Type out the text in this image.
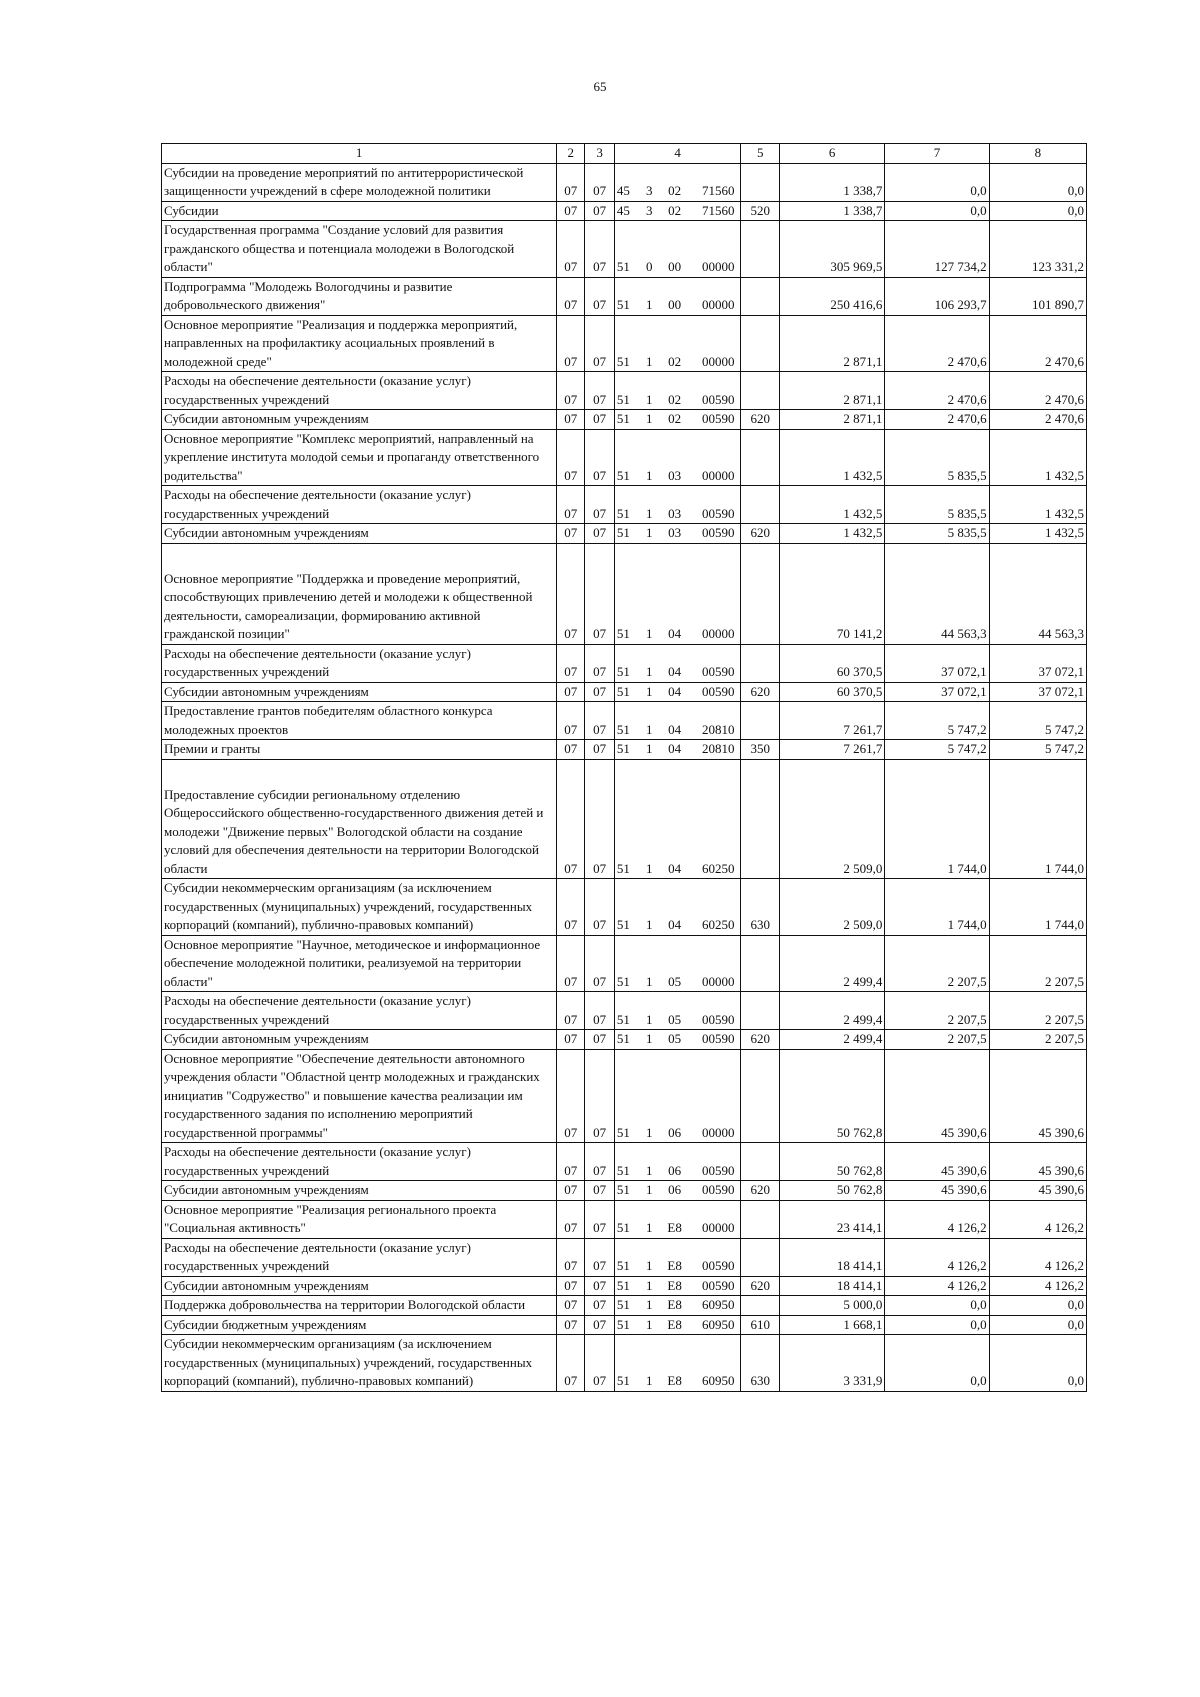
65
1	2	3	4				5	6	7	8
Субсидии на проведение мероприятий по антитеррористической защищенности учреждений в сфере молодежной политики	07	07	45	3	02	71560		1 338,7	0,0	0,0
Субсидии	07	07	45	3	02	71560	520	1 338,7	0,0	0,0
Государственная программа "Создание условий для развития гражданского общества и потенциала молодежи в Вологодской области"	07	07	51	0	00	00000		305 969,5	127 734,2	123 331,2
Подпрограмма "Молодежь Вологодчины и развитие добровольческого движения"	07	07	51	1	00	00000		250 416,6	106 293,7	101 890,7
Основное мероприятие "Реализация и поддержка мероприятий, направленных на профилактику асоциальных проявлений в молодежной среде"	07	07	51	1	02	00000		2 871,1	2 470,6	2 470,6
Расходы на обеспечение деятельности (оказание услуг) государственных учреждений	07	07	51	1	02	00590		2 871,1	2 470,6	2 470,6
Субсидии автономным учреждениям	07	07	51	1	02	00590	620	2 871,1	2 470,6	2 470,6
Основное мероприятие "Комплекс мероприятий, направленный на укрепление института молодой семьи и пропаганду ответственного родительства"	07	07	51	1	03	00000		1 432,5	5 835,5	1 432,5
Расходы на обеспечение деятельности (оказание услуг) государственных учреждений	07	07	51	1	03	00590		1 432,5	5 835,5	1 432,5
Субсидии автономным учреждениям	07	07	51	1	03	00590	620	1 432,5	5 835,5	1 432,5

Основное мероприятие "Поддержка и проведение мероприятий, способствующих привлечению детей и молодежи к общественной деятельности, самореализации, формированию активной гражданской позиции"	07	07	51	1	04	00000		70 141,2	44 563,3	44 563,3
Расходы на обеспечение деятельности (оказание услуг) государственных учреждений	07	07	51	1	04	00590		60 370,5	37 072,1	37 072,1
Субсидии автономным учреждениям	07	07	51	1	04	00590	620	60 370,5	37 072,1	37 072,1
Предоставление грантов победителям областного конкурса молодежных проектов	07	07	51	1	04	20810		7 261,7	5 747,2	5 747,2
Премии и гранты	07	07	51	1	04	20810	350	7 261,7	5 747,2	5 747,2

Предоставление субсидии региональному отделению Общероссийского общественно-государственного движения детей и молодежи "Движение первых" Вологодской области на создание условий для обеспечения деятельности на территории Вологодской области	07	07	51	1	04	60250		2 509,0	1 744,0	1 744,0
Субсидии некоммерческим организациям (за исключением государственных (муниципальных) учреждений, государственных корпораций (компаний), публично-правовых компаний)	07	07	51	1	04	60250	630	2 509,0	1 744,0	1 744,0
Основное мероприятие "Научное, методическое и информационное обеспечение молодежной политики, реализуемой на территории области"	07	07	51	1	05	00000		2 499,4	2 207,5	2 207,5
Расходы на обеспечение деятельности (оказание услуг) государственных учреждений	07	07	51	1	05	00590		2 499,4	2 207,5	2 207,5
Субсидии автономным учреждениям	07	07	51	1	05	00590	620	2 499,4	2 207,5	2 207,5
Основное мероприятие "Обеспечение деятельности автономного учреждения области "Областной центр молодежных и гражданских инициатив "Содружество" и повышение качества реализации им государственного задания по исполнению мероприятий государственной программы"	07	07	51	1	06	00000		50 762,8	45 390,6	45 390,6
Расходы на обеспечение деятельности (оказание услуг) государственных учреждений	07	07	51	1	06	00590		50 762,8	45 390,6	45 390,6
Субсидии автономным учреждениям	07	07	51	1	06	00590	620	50 762,8	45 390,6	45 390,6
Основное мероприятие "Реализация регионального проекта "Социальная активность"	07	07	51	1	E8	00000		23 414,1	4 126,2	4 126,2
Расходы на обеспечение деятельности (оказание услуг) государственных учреждений	07	07	51	1	E8	00590		18 414,1	4 126,2	4 126,2
Субсидии автономным учреждениям	07	07	51	1	E8	00590	620	18 414,1	4 126,2	4 126,2
Поддержка добровольчества на территории Вологодской области	07	07	51	1	E8	60950		5 000,0	0,0	0,0
Субсидии бюджетным учреждениям	07	07	51	1	E8	60950	610	1 668,1	0,0	0,0
Субсидии некоммерческим организациям (за исключением государственных (муниципальных) учреждений, государственных корпораций (компаний), публично-правовых компаний)	07	07	51	1	E8	60950	630	3 331,9	0,0	0,0
